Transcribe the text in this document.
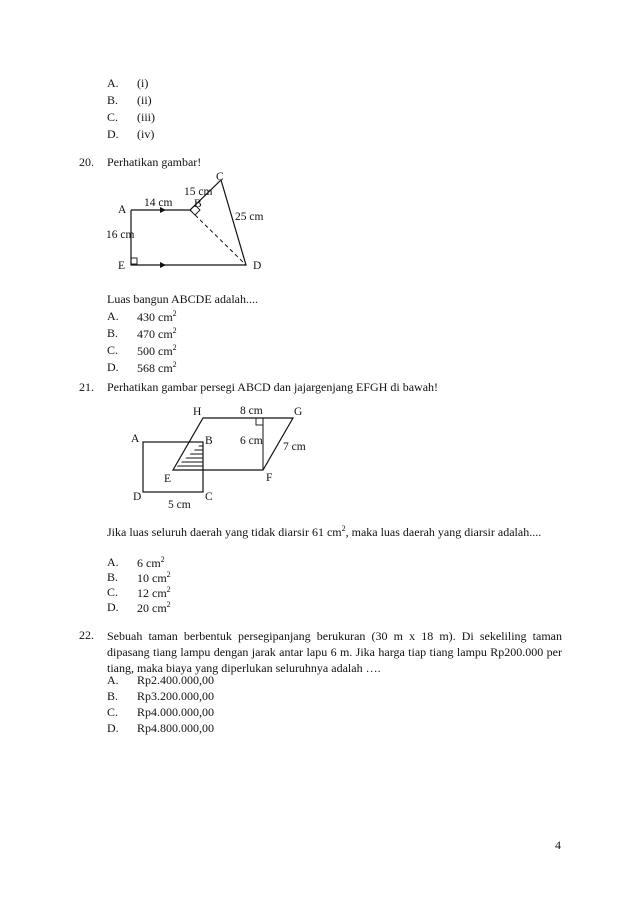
A.	(i)
B.	(ii)
C.	(iii)
D.	(iv)
20. Perhatikan gambar!
A	B
C
D
E
14 cm
15 cm
25 cm
16 cm
Luas bangun ABCDE adalah....
A.	430 $cm^2$
B.	470 $cm^2$
C.	500 $cm^2$
D.	568 $cm^2$
21. Perhatikan gambar persegi ABCD dan jajargenjang EFGH di bawah!
H	G
A	B
E	F
D	C
8 cm
6 cm 7 cm
5 cm
Jika luas seluruh daerah yang tidak diarsir 61 $cm^2$, maka luas daerah yang diarsir adalah....
A.	6 $cm^2$
B.	10 $cm^2$
C.	12 $cm^2$
D.	20 $cm^2$
22. Sebuah taman berbentuk persegipanjang berukuran (30 m x 18 m). Di sekeliling taman dipasang tiang lampu dengan jarak antar lapu 6 m. Jika harga tiap tiang lampu Rp200.000 per tiang, maka biaya yang diperlukan seluruhnya adalah ….
A.	Rp2.400.000,00
B.	Rp3.200.000,00
C.	Rp4.000.000,00
D.	Rp4.800.000,00
4
